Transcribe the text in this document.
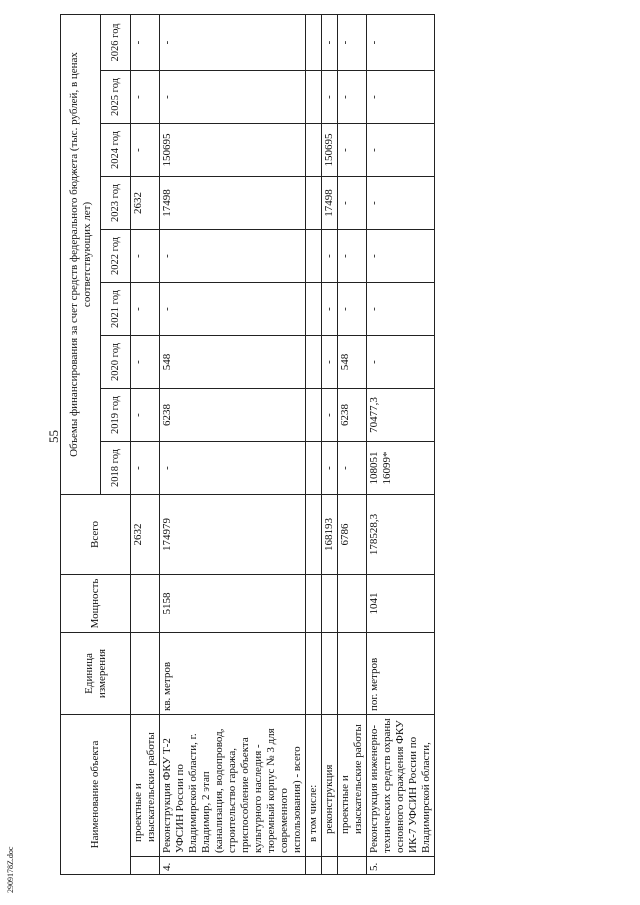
55
Наименование объекта		Единица измерения	Мощность	Всего	Объемы финансирования за счет средств федерального бюджета (тыс. рублей, в ценах соответствующих лет)								
					2018 год	2019 год	2020 год	2021 год	2022 год	2023 год	2024 год	2025 год	2026 год
	проектные и изыскательские работы			2632	-	-	-	-	-	2632	-	-	-
4.	Реконструкция ФКУ Т-2 УФСИН России по Владимирской области, г. Владимир, 2 этап (канализация, водопровод, строительство гаража, приспособление объекта культурного наследия - тюремный корпус № 3 для современного использования) - всего	кв. метров	5158	174979	-	6238	548	-	-	17498	150695	-	-
	в том числе:												
	реконструкция			168193	-	-	-	-	-	17498	150695	-	-
	проектные и изыскательские работы			6786	-	6238	548	-	-	-	-	-	-
5.	Реконструкция инженерно-технических средств охраны основного ограждения ФКУ ИК-7 УФСИН России по Владимирской области,	пог. метров	1041	178528,3	108051 16099*	70477,3	-	-	-	-	-	-	-
2909178Z.doc
